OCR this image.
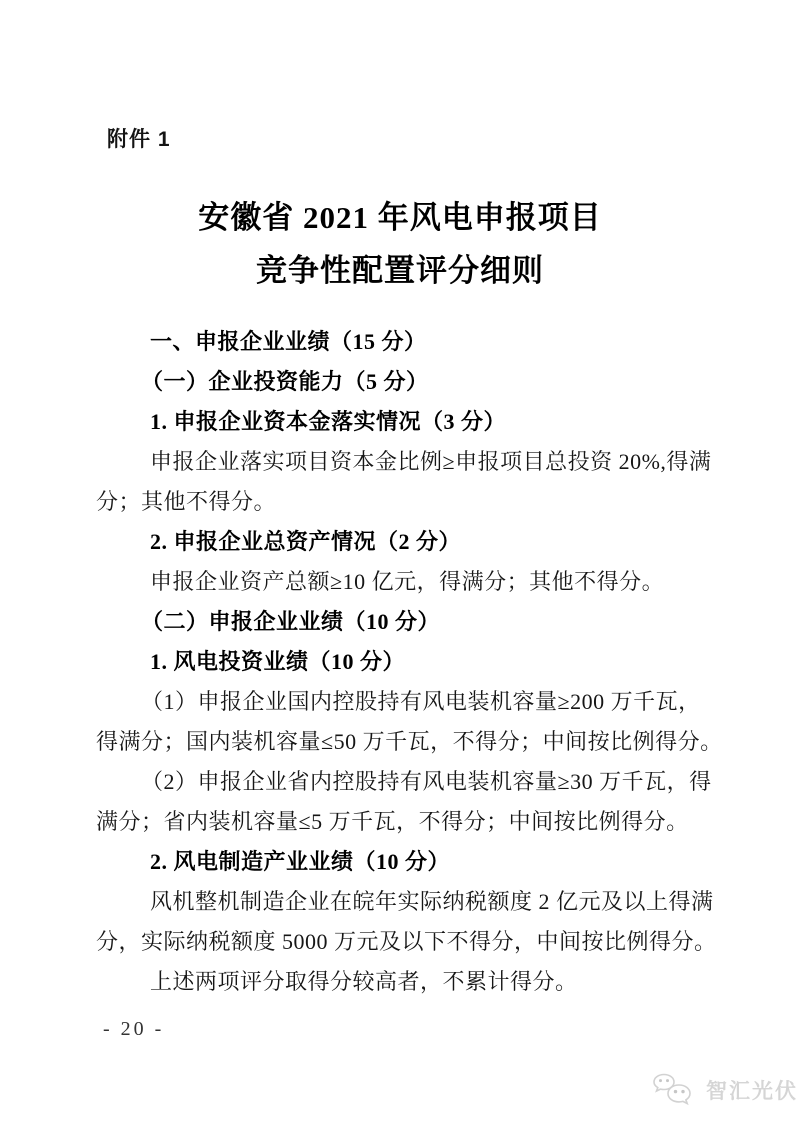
附件 1
安徽省 2021 年风电申报项目
竞争性配置评分细则
一、申报企业业绩（15 分）
（一）企业投资能力（5 分）
1. 申报企业资本金落实情况（3 分）
申报企业落实项目资本金比例≥申报项目总投资 20%,得满
分；其他不得分。
2. 申报企业总资产情况（2 分）
申报企业资产总额≥10 亿元，得满分；其他不得分。
（二）申报企业业绩（10 分）
1. 风电投资业绩（10 分）
（1）申报企业国内控股持有风电装机容量≥200 万千瓦，
得满分；国内装机容量≤50 万千瓦，不得分；中间按比例得分。
（2）申报企业省内控股持有风电装机容量≥30 万千瓦，得
满分；省内装机容量≤5 万千瓦，不得分；中间按比例得分。
2. 风电制造产业业绩（10 分）
风机整机制造企业在皖年实际纳税额度 2 亿元及以上得满
分，实际纳税额度 5000 万元及以下不得分，中间按比例得分。
上述两项评分取得分较高者，不累计得分。
- 20 -
智汇光伏
